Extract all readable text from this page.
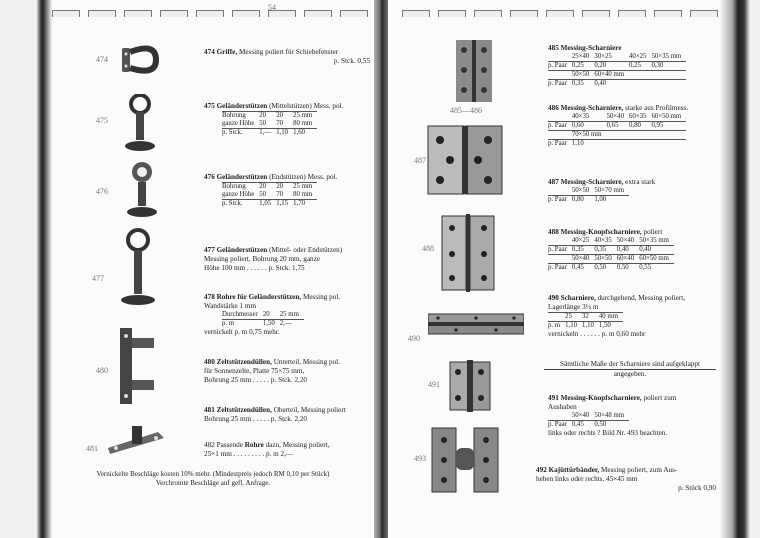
54
474
474 Griffe, Messing poliert für Schiebefenster
p. Stck. 0,55
475
475 Geländerstützen (Mittelstützen) Mess. pol.
Bohrung	20	20	25 mm
ganze Höhe	50	70	80 mm
p. Stck.	1,—	1,10	1,60
476
476 Geländerstützen (Endstützen) Mess. pol.
Bohrung	20	20	25 mm
ganze Höhe	50	70	80 mm
p. Stck.	1,05	1,15	1,70
477
477 Geländerstützen (Mittel- oder Endstützen)
Messing poliert, Bohrung 20 mm, ganze
Höhe 100 mm . . . . . . p. Stck. 1,75
478 Rohre für Geländerstützen, Messing pol.
Wandstärke 1 mm
Durchmesser	20	25 mm
p. m	1,50	2,—
vernickelt p. m 0,75 mehr.
480
480 Zeltstützendüllen, Unterteil, Messing pol.
für Sonnenzelte, Platte 75×75 mm,
Bohrung 25 mm . . . . . p. Stck. 2,20
481 Zeltstützendüllen, Oberteil, Messing poliert
Bohrung 25 mm . . . . . p. Stck. 2,20
481	482 Passende Rohre dazu, Messing poliert,
25×1 mm . . . . . . . . . p. m 2,—
Vernickelte Beschläge kosten 10% mehr. (Mindestpreis jedoch RM 0,10 per Stück)
Verchromte Beschläge auf gefl. Anfrage.
485—486
487
488
490
491
493
485 Messing-Scharniere
	25×40	30×25	40×25	50×35 mm
p. Paar	0,25	0,20	0,25	0,30
	50×50	60×40 mm		
p. Paar	0,35	0,40		
486 Messing-Scharniere, starke aus Profilmess.
	40×35	50×40	60×35	60×50 mm
p. Paar	0,60	0,65	0,80	0,95
	70×50 mm			
p. Paar	1,10			
487 Messing-Scharniere, extra stark
	50×50	50×70 mm
p. Paar	0,80	1,00
488 Messing-Knopfscharniere, poliert
	40×25	40×35	50×40	50×35 mm
p. Paar	0,35	0,35	0,40	0,40
	50×40	50×50	60×40	60×50 mm
p. Paar	0,45	0,50	0,50	0,55
490 Scharniere, durchgehend, Messing poliert,
Lagerlänge 3½ m
	25	32	40 mm
p. m	1,10	1,10	1,50
vernickeln . . . . . . p. m 0,60 mehr
Sämtliche Maße der Scharniere sind aufgeklappt
angegeben.
491 Messing-Knopfscharniere, poliert zum
Aushaben
	50×40	50×48 mm
p. Paar	0,45	0,50
links oder rechts ? Bild Nr. 493 beachten.
492 Kajüttürbänder, Messing poliert, zum Aus-
heben links oder rechts, 45×45 mm
p. Stück 0,90
